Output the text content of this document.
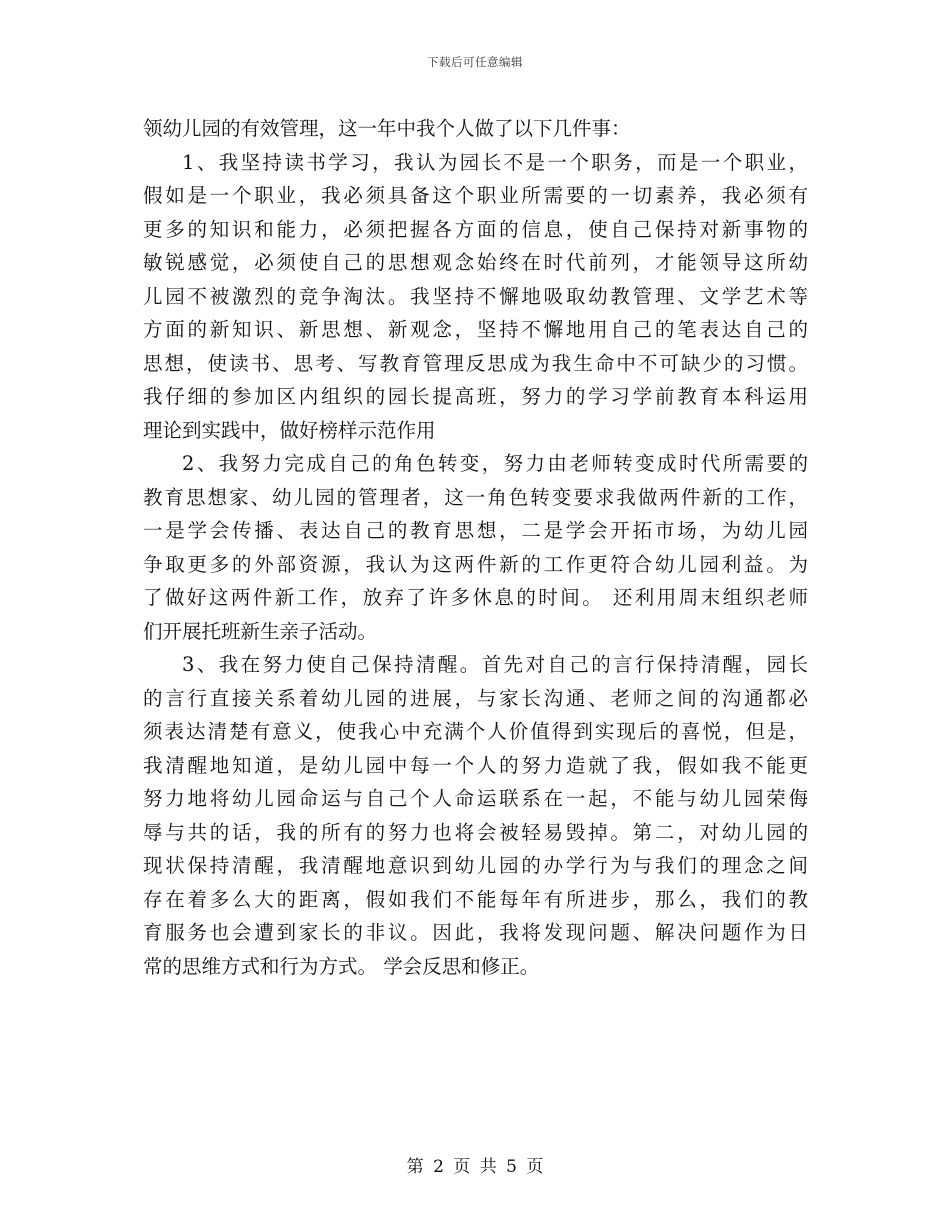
下载后可任意编辑
领幼儿园的有效管理，这一年中我个人做了以下几件事：
1、我坚持读书学习，我认为园长不是一个职务，而是一个职业，
假如是一个职业，我必须具备这个职业所需要的一切素养，我必须有
更多的知识和能力，必须把握各方面的信息，使自己保持对新事物的
敏锐感觉，必须使自己的思想观念始终在时代前列，才能领导这所幼
儿园不被激烈的竞争淘汰。我坚持不懈地吸取幼教管理、文学艺术等
方面的新知识、新思想、新观念，坚持不懈地用自己的笔表达自己的
思想，使读书、思考、写教育管理反思成为我生命中不可缺少的习惯。
我仔细的参加区内组织的园长提高班，努力的学习学前教育本科运用
理论到实践中，做好榜样示范作用
2、我努力完成自己的角色转变，努力由老师转变成时代所需要的
教育思想家、幼儿园的管理者，这一角色转变要求我做两件新的工作，
一是学会传播、表达自己的教育思想，二是学会开拓市场，为幼儿园
争取更多的外部资源，我认为这两件新的工作更符合幼儿园利益。为
了做好这两件新工作，放弃了许多休息的时间。 还利用周末组织老师
们开展托班新生亲子活动。
3、我在努力使自己保持清醒。首先对自己的言行保持清醒，园长
的言行直接关系着幼儿园的进展，与家长沟通、老师之间的沟通都必
须表达清楚有意义，使我心中充满个人价值得到实现后的喜悦，但是，
我清醒地知道，是幼儿园中每一个人的努力造就了我，假如我不能更
努力地将幼儿园命运与自己个人命运联系在一起，不能与幼儿园荣侮
辱与共的话，我的所有的努力也将会被轻易毁掉。第二，对幼儿园的
现状保持清醒，我清醒地意识到幼儿园的办学行为与我们的理念之间
存在着多么大的距离，假如我们不能每年有所进步，那么，我们的教
育服务也会遭到家长的非议。因此，我将发现问题、解决问题作为日
常的思维方式和行为方式。 学会反思和修正。
第 2 页 共 5 页
